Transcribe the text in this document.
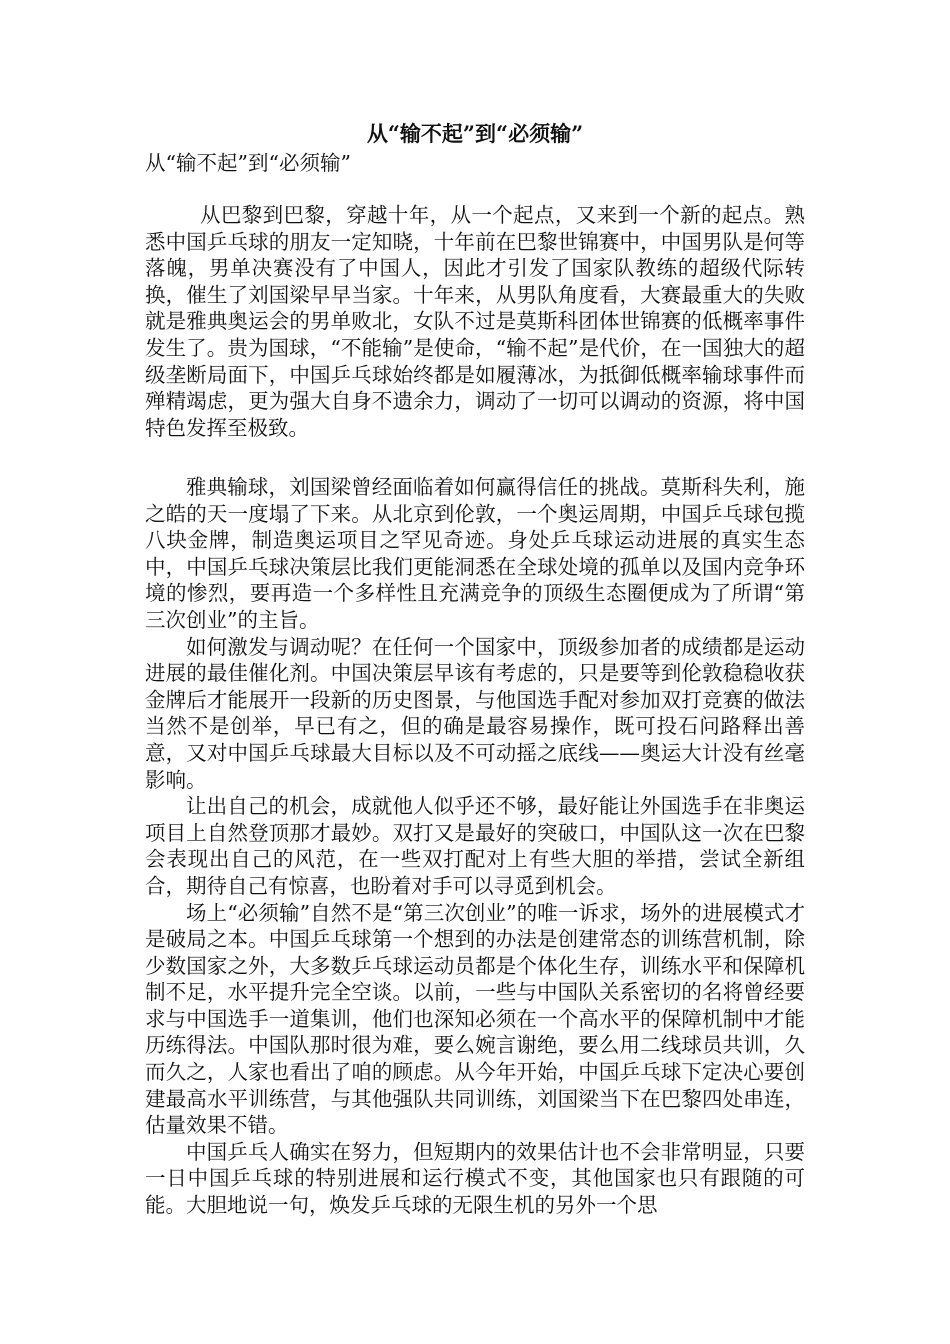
从“输不起”到“必须输”
从“输不起”到“必须输”

从巴黎到巴黎，穿越十年，从一个起点，又来到一个新的起点。熟悉中国乒乓球的朋友一定知晓，十年前在巴黎世锦赛中，中国男队是何等落魄，男单决赛没有了中国人，因此才引发了国家队教练的超级代际转换，催生了刘国梁早早当家。十年来，从男队角度看，大赛最重大的失败就是雅典奥运会的男单败北，女队不过是莫斯科团体世锦赛的低概率事件发生了。贵为国球，“不能输”是使命，“输不起”是代价，在一国独大的超级垄断局面下，中国乒乓球始终都是如履薄冰，为抵御低概率输球事件而殚精竭虑，更为强大自身不遗余力，调动了一切可以调动的资源，将中国特色发挥至极致。

雅典输球，刘国梁曾经面临着如何赢得信任的挑战。莫斯科失利，施之皓的天一度塌了下来。从北京到伦敦，一个奥运周期，中国乒乓球包揽八块金牌，制造奥运项目之罕见奇迹。身处乒乓球运动进展的真实生态中，中国乒乓球决策层比我们更能洞悉在全球处境的孤单以及国内竞争环境的惨烈，要再造一个多样性且充满竞争的顶级生态圈便成为了所谓“第三次创业”的主旨。

如何激发与调动呢？在任何一个国家中，顶级参加者的成绩都是运动进展的最佳催化剂。中国决策层早该有考虑的，只是要等到伦敦稳稳收获金牌后才能展开一段新的历史图景，与他国选手配对参加双打竞赛的做法当然不是创举，早已有之，但的确是最容易操作，既可投石问路释出善意，又对中国乒乓球最大目标以及不可动摇之底线——奥运大计没有丝毫影响。

让出自己的机会，成就他人似乎还不够，最好能让外国选手在非奥运项目上自然登顶那才最妙。双打又是最好的突破口，中国队这一次在巴黎会表现出自己的风范，在一些双打配对上有些大胆的举措，尝试全新组合，期待自己有惊喜，也盼着对手可以寻觅到机会。

场上“必须输”自然不是“第三次创业”的唯一诉求，场外的进展模式才是破局之本。中国乒乓球第一个想到的办法是创建常态的训练营机制，除少数国家之外，大多数乒乓球运动员都是个体化生存，训练水平和保障机制不足，水平提升完全空谈。以前，一些与中国队关系密切的名将曾经要求与中国选手一道集训，他们也深知必须在一个高水平的保障机制中才能历练得法。中国队那时很为难，要么婉言谢绝，要么用二线球员共训，久而久之，人家也看出了咱的顾虑。从今年开始，中国乒乓球下定决心要创建最高水平训练营，与其他强队共同训练，刘国梁当下在巴黎四处串连，估量效果不错。

中国乒乓人确实在努力，但短期内的效果估计也不会非常明显，只要一日中国乒乓球的特别进展和运行模式不变，其他国家也只有跟随的可能。大胆地说一句，焕发乒乓球的无限生机的另外一个思
